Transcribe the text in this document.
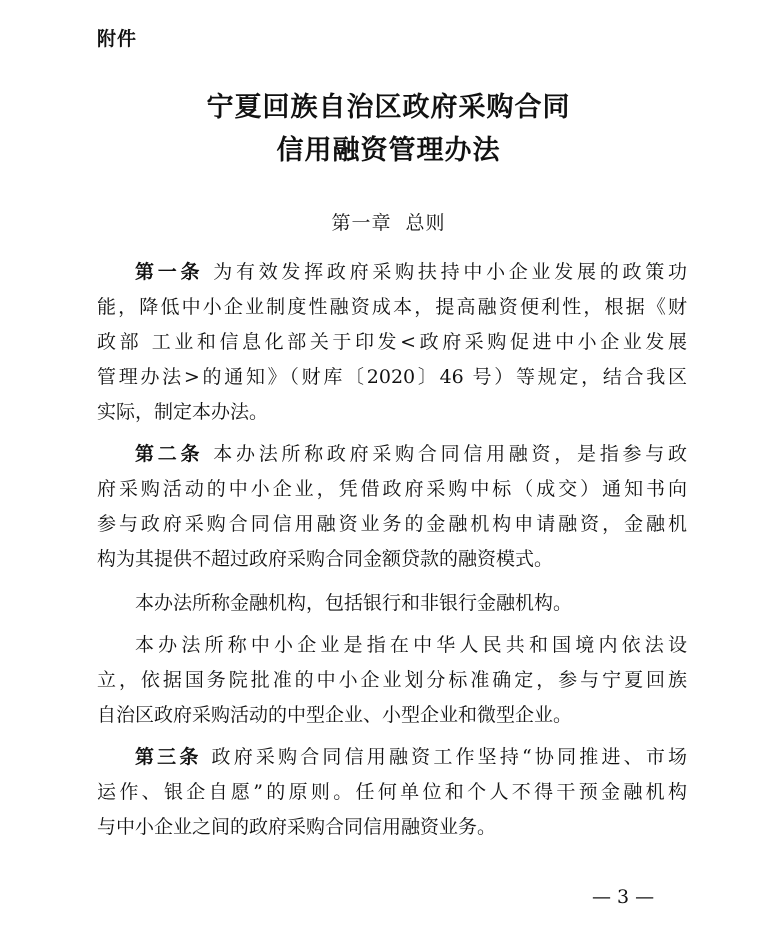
附件
宁夏回族自治区政府采购合同
信用融资管理办法
第一章 总则
第一条 为有效发挥政府采购扶持中小企业发展的政策功
能，降低中小企业制度性融资成本，提高融资便利性，根据《财
政部 工业和信息化部关于印发<政府采购促进中小企业发展
管理办法>的通知》（财库〔2020〕46 号）等规定，结合我区
实际，制定本办法。
第二条 本办法所称政府采购合同信用融资，是指参与政
府采购活动的中小企业，凭借政府采购中标（成交）通知书向
参与政府采购合同信用融资业务的金融机构申请融资，金融机
构为其提供不超过政府采购合同金额贷款的融资模式。
本办法所称金融机构，包括银行和非银行金融机构。
本办法所称中小企业是指在中华人民共和国境内依法设
立，依据国务院批准的中小企业划分标准确定，参与宁夏回族
自治区政府采购活动的中型企业、小型企业和微型企业。
第三条 政府采购合同信用融资工作坚持“协同推进、市场
运作、银企自愿”的原则。任何单位和个人不得干预金融机构
与中小企业之间的政府采购合同信用融资业务。
— 3 —
